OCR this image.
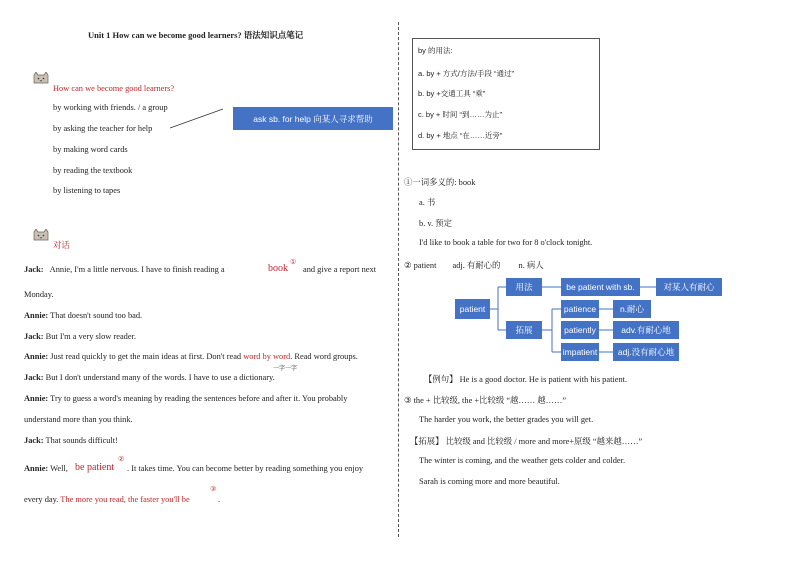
Unit 1 How can we become good learners? 语法知识点笔记
How can we become good learners?
by working with friends. / a group
by asking the teacher for help
by making word cards
by reading the textbook
by listening to tapes
ask sb. for help 向某人寻求帮助
对话
Jack: Annie, I'm a little nervous. I have to finish reading a	book
①
and give a report next
Monday.
Annie: That doesn't sound too bad.
Jack: But I'm a very slow reader.
Annie: Just read quickly to get the main ideas at first. Don't read word by word. Read word groups.
一字一字
Jack: But I don't understand many of the words. I have to use a dictionary.
Annie: Try to guess a word's meaning by reading the sentences before and after it. You probably
understand more than you think.
Jack: That sounds difficult!
Annie: Well, be patient
②
. It takes time. You can become better by reading something you enjoy
every day. The more you read, the faster you'll be
③
.
by 的用法:
a. by + 方式/方法/手段 “通过”
b. by +交通工具 “乘”
c. by + 时间 “到……为止”
d. by + 地点 “在……近旁”
①一词多义的: book
a. 书
b. v. 预定
I'd like to book a table for two for 8 o'clock tonight.
② patient adj. 有耐心的 n. 病人
patient
用法	be patient with sb.	对某人有耐心
拓展
patience	n.耐心
patiently	adv.有耐心地
impatient	adj.没有耐心地
【例句】 He is a good doctor. He is patient with his patient.
③ the + 比较级, the +比较级 “越…… 越……”
The harder you work, the better grades you will get.
【拓展】 比较级 and 比较级 / more and more+原级 “越来越……”
The winter is coming, and the weather gets colder and colder.
Sarah is coming more and more beautiful.
